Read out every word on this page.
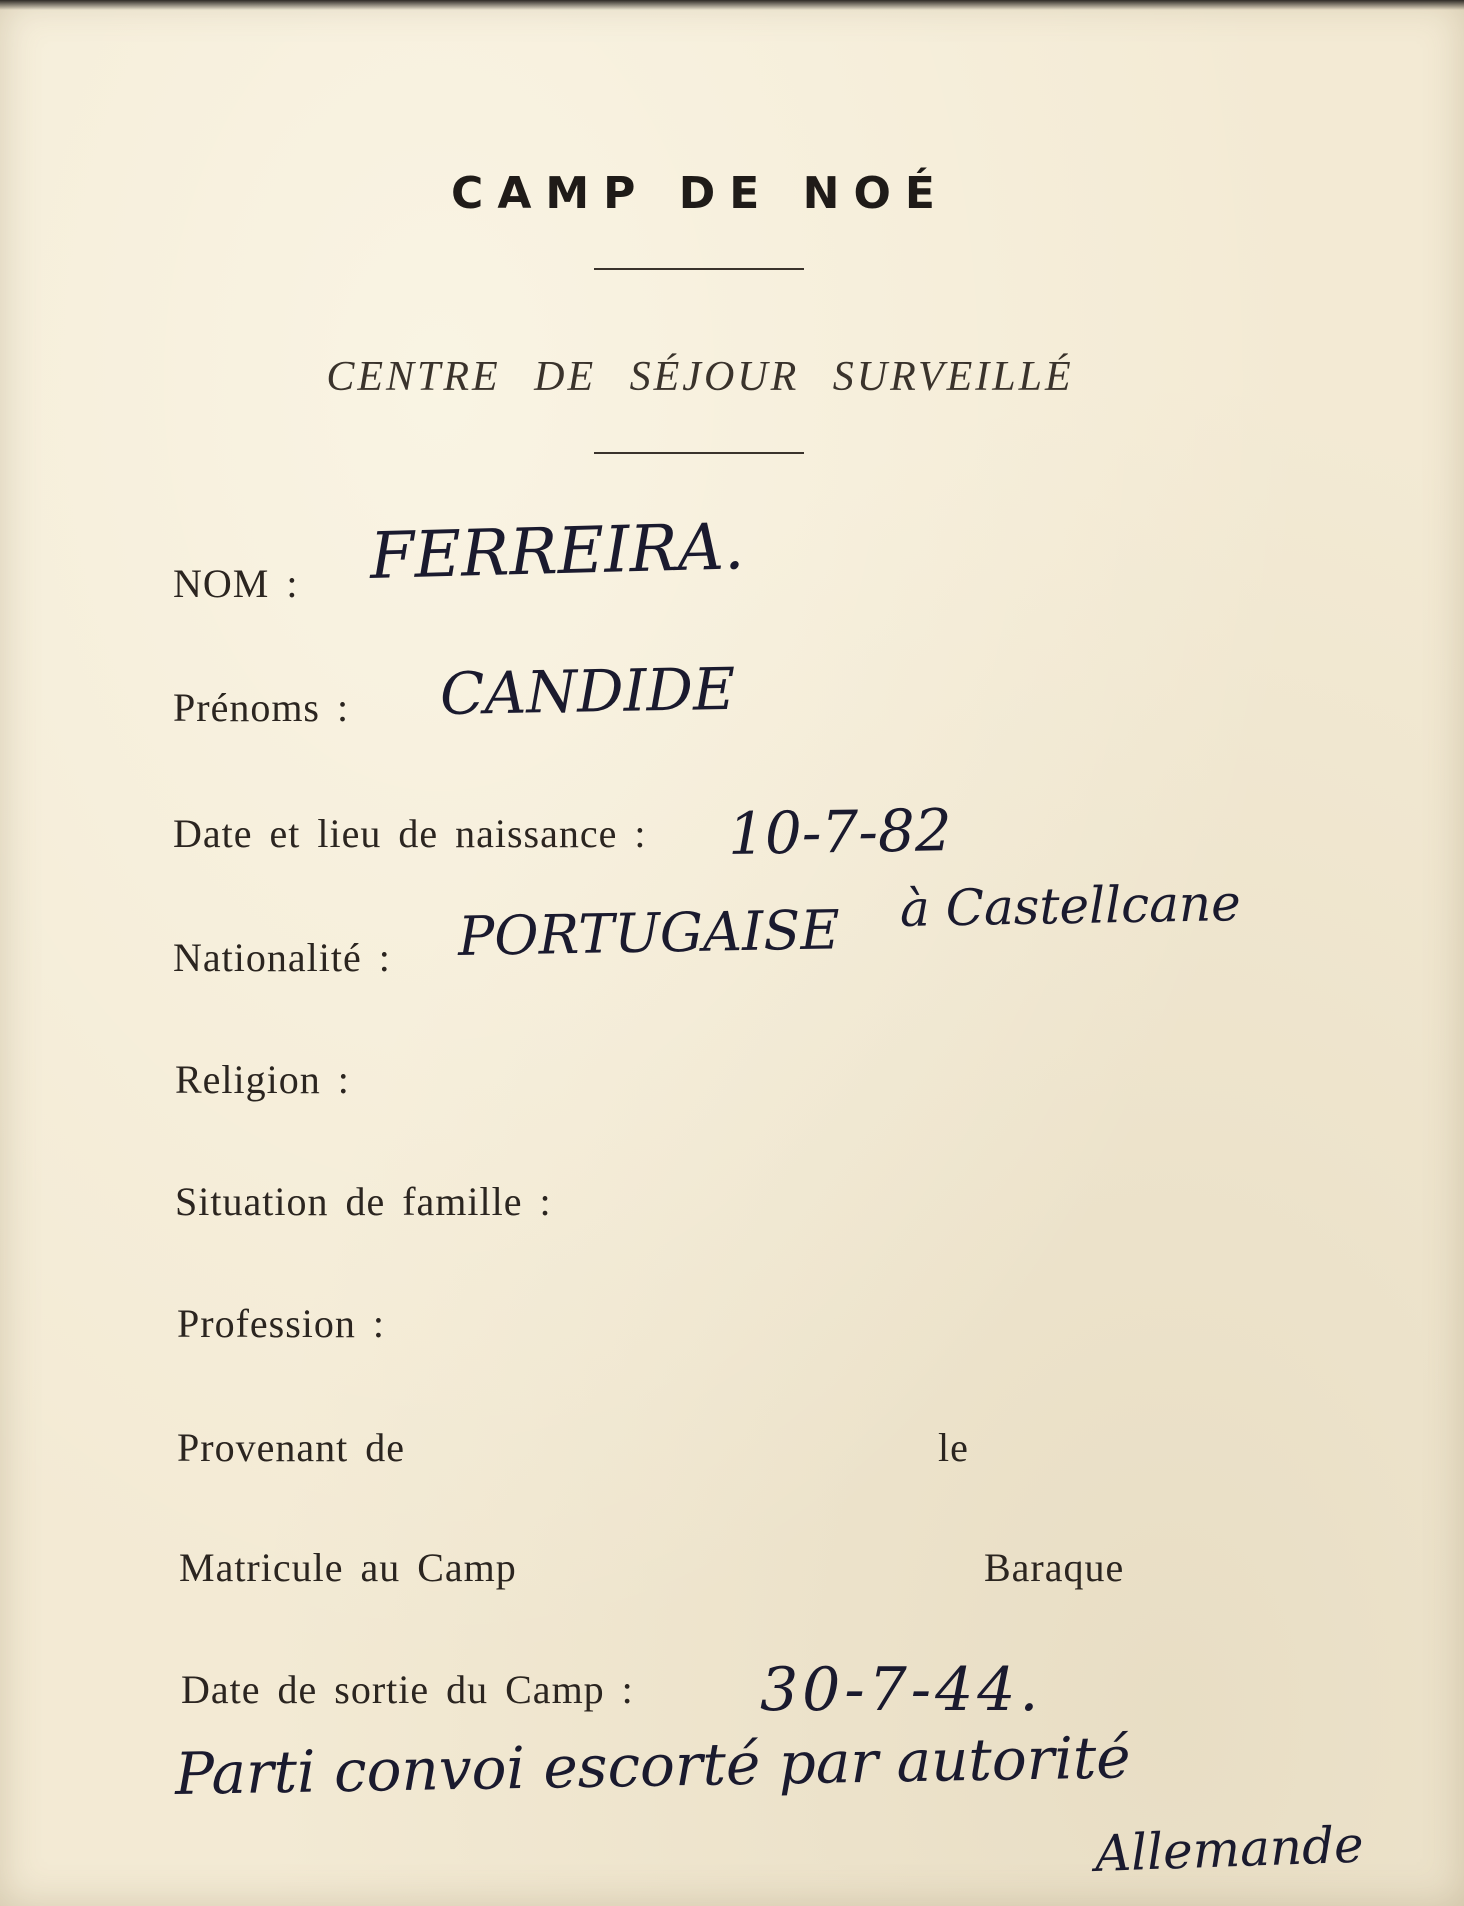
CAMP DE NOÉ
CENTRE DE SÉJOUR SURVEILLÉ
NOM : FERREIRA.
Prénoms : CANDIDE
Date et lieu de naissance : 10-7-82
à Castellcane
Nationalité : PORTUGAISE
Religion :
Situation de famille :
Profession :
Provenant de	le
Matricule au Camp	Baraque
Date de sortie du Camp : 30-7-44.
Parti convoi escorté par autorité
Allemande
